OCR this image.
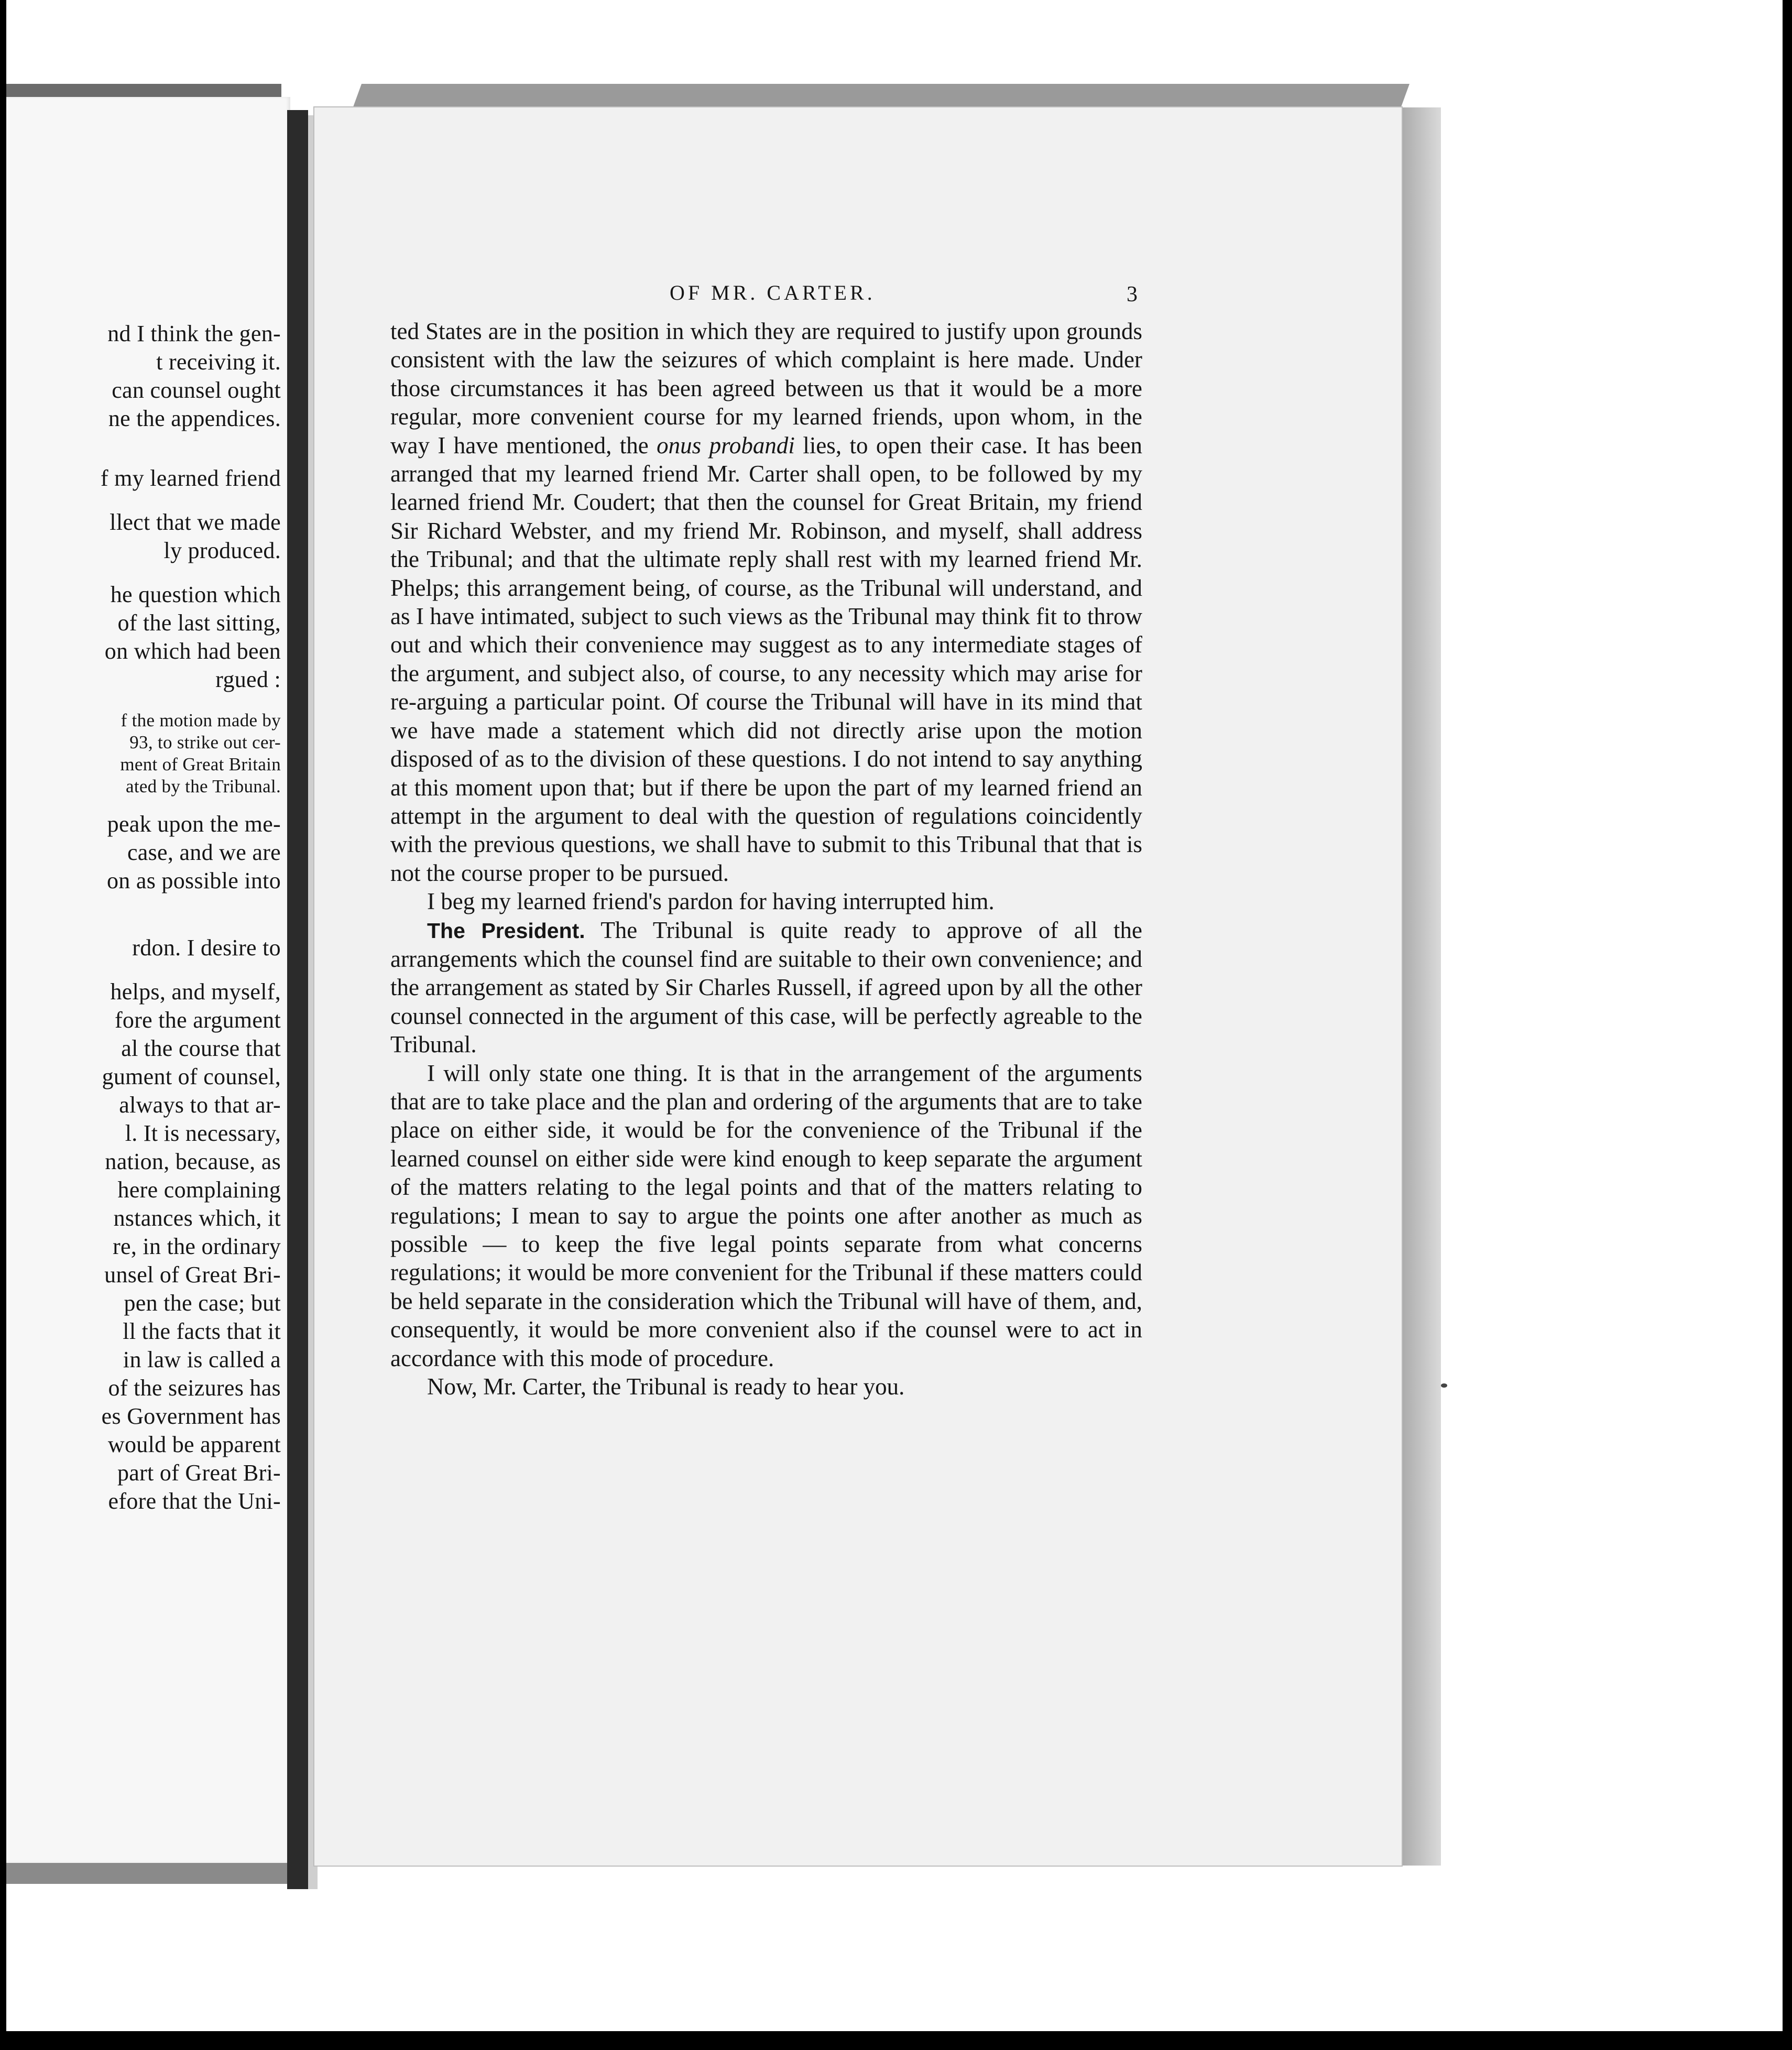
nd I think the gen-
t receiving it.
can counsel ought
ne the appendices.
f my learned friend
llect that we made
ly produced.
he question which
of the last sitting,
on which had been
rgued :
f the motion made by
93, to strike out cer-
ment of Great Britain
ated by the Tribunal.
peak upon the me-
case, and we are
on as possible into
rdon. I desire to
helps, and myself,
fore the argument
al the course that
gument of counsel,
always to that ar-
l. It is necessary,
nation, because, as
here complaining
nstances which, it
re, in the ordinary
unsel of Great Bri-
pen the case; but
ll the facts that it
in law is called a
of the seizures has
es Government has
would be apparent
part of Great Bri-
efore that the Uni-
OF MR. CARTER.	3

ted States are in the position in which they are required to justify upon grounds consistent with the law the seizures of which complaint is here made. Under those circumstances it has been agreed between us that it would be a more regular, more convenient course for my learned friends, upon whom, in the way I have mentioned, the onus probandi lies, to open their case. It has been arranged that my learned friend Mr. Carter shall open, to be followed by my learned friend Mr. Coudert; that then the counsel for Great Britain, my friend Sir Richard Webster, and my friend Mr. Robinson, and myself, shall address the Tribunal; and that the ultimate reply shall rest with my learned friend Mr. Phelps; this arrangement being, of course, as the Tribunal will understand, and as I have intimated, subject to such views as the Tribunal may think fit to throw out and which their convenience may suggest as to any intermediate stages of the argument, and subject also, of course, to any necessity which may arise for re-arguing a particular point. Of course the Tribunal will have in its mind that we have made a statement which did not directly arise upon the motion disposed of as to the division of these questions. I do not intend to say anything at this moment upon that; but if there be upon the part of my learned friend an attempt in the argument to deal with the question of regulations coincidently with the previous questions, we shall have to submit to this Tribunal that that is not the course proper to be pursued.

I beg my learned friend's pardon for having interrupted him.

The President. The Tribunal is quite ready to approve of all the arrangements which the counsel find are suitable to their own convenience; and the arrangement as stated by Sir Charles Russell, if agreed upon by all the other counsel connected in the argument of this case, will be perfectly agreable to the Tribunal.

I will only state one thing. It is that in the arrangement of the arguments that are to take place and the plan and ordering of the arguments that are to take place on either side, it would be for the convenience of the Tribunal if the learned counsel on either side were kind enough to keep separate the argument of the matters relating to the legal points and that of the matters relating to regulations; I mean to say to argue the points one after another as much as possible — to keep the five legal points separate from what concerns regulations; it would be more convenient for the Tribunal if these matters could be held separate in the consideration which the Tribunal will have of them, and, consequently, it would be more convenient also if the counsel were to act in accordance with this mode of procedure.

Now, Mr. Carter, the Tribunal is ready to hear you.
